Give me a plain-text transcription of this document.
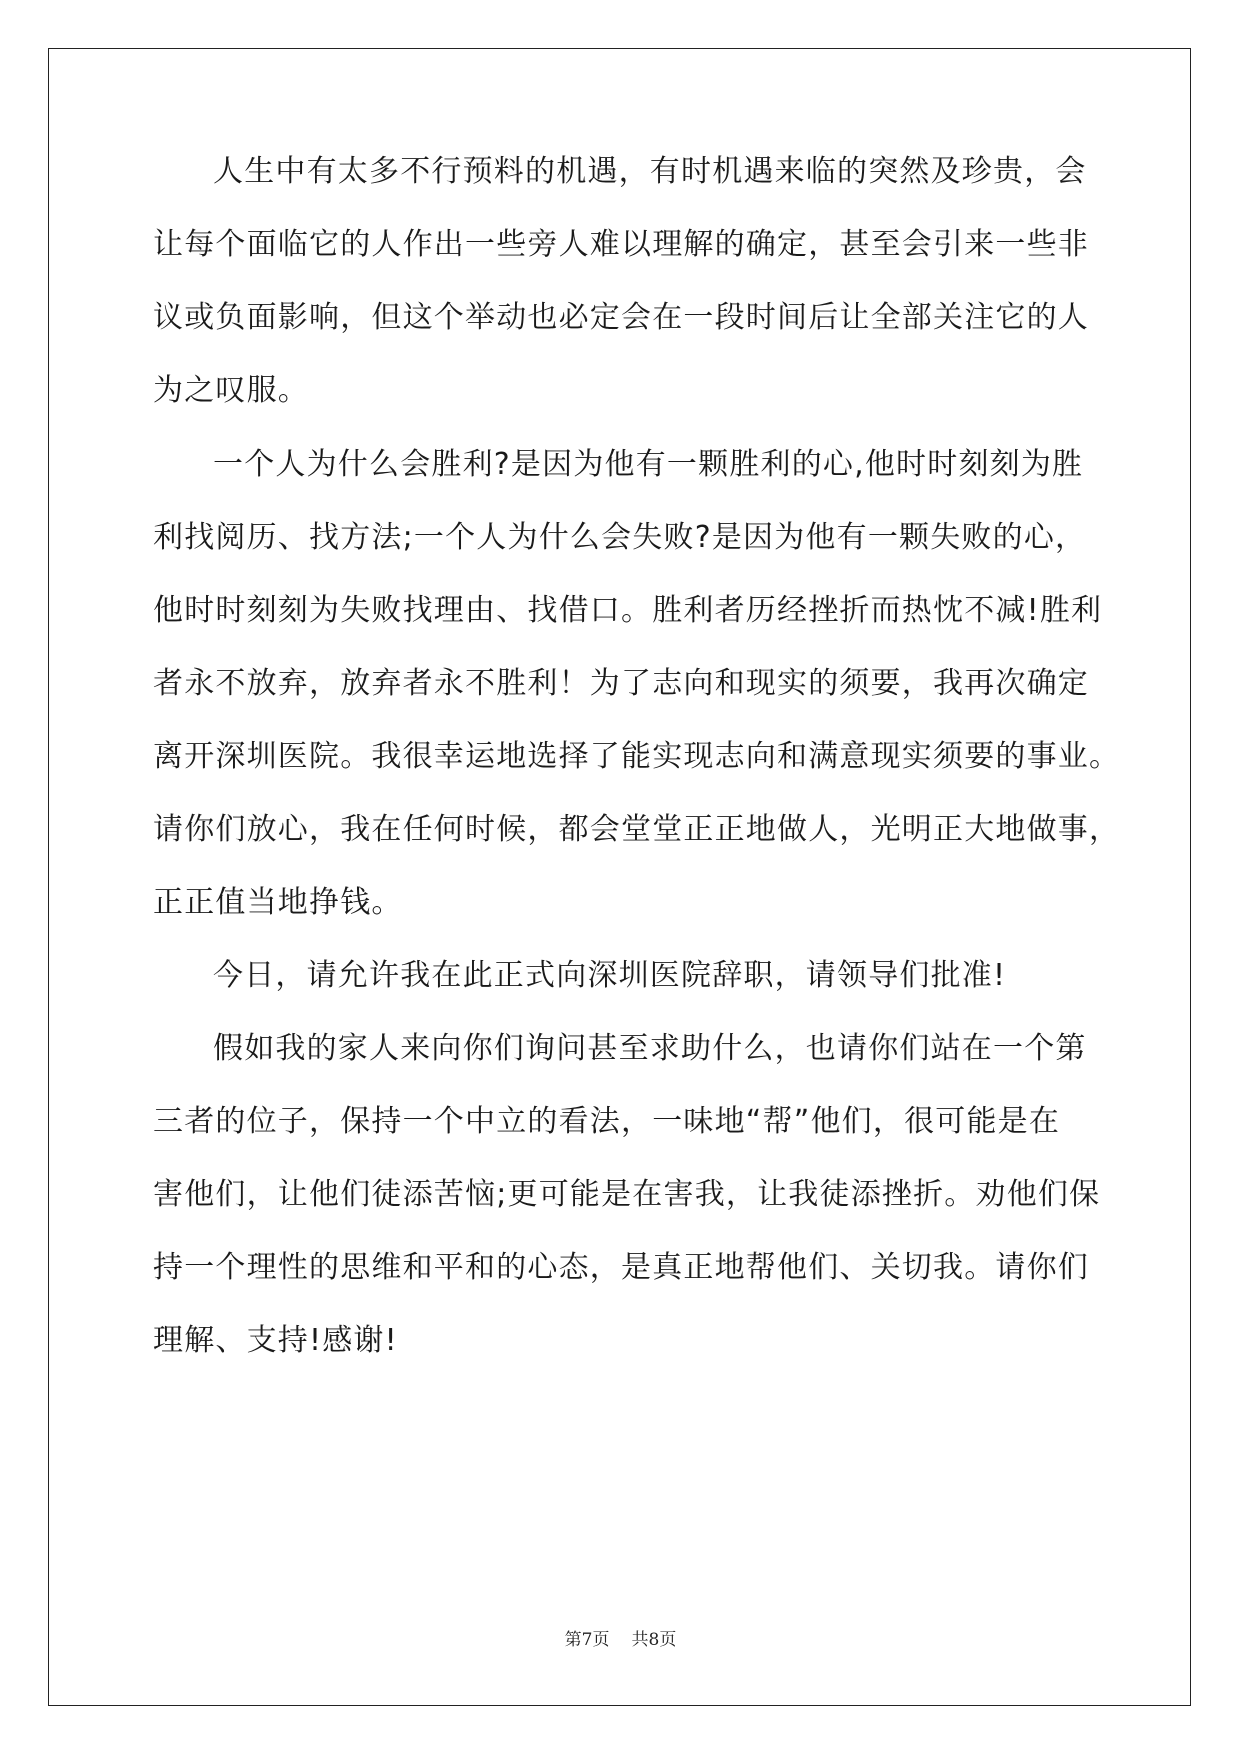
人生中有太多不行预料的机遇，有时机遇来临的突然及珍贵，会
让每个面临它的人作出一些旁人难以理解的确定，甚至会引来一些非
议或负面影响，但这个举动也必定会在一段时间后让全部关注它的人
为之叹服。
一个人为什么会胜利?是因为他有一颗胜利的心,他时时刻刻为胜
利找阅历、找方法;一个人为什么会失败?是因为他有一颗失败的心，
他时时刻刻为失败找理由、找借口。胜利者历经挫折而热忱不减!胜利
者永不放弃，放弃者永不胜利！为了志向和现实的须要，我再次确定
离开深圳医院。我很幸运地选择了能实现志向和满意现实须要的事业。
请你们放心，我在任何时候，都会堂堂正正地做人，光明正大地做事，
正正值当地挣钱。
今日，请允许我在此正式向深圳医院辞职，请领导们批准!
假如我的家人来向你们询问甚至求助什么，也请你们站在一个第
三者的位子，保持一个中立的看法，一味地“帮”他们，很可能是在
害他们，让他们徒添苦恼;更可能是在害我，让我徒添挫折。劝他们保
持一个理性的思维和平和的心态，是真正地帮他们、关切我。请你们
理解、支持!感谢!
第7页 共8页
